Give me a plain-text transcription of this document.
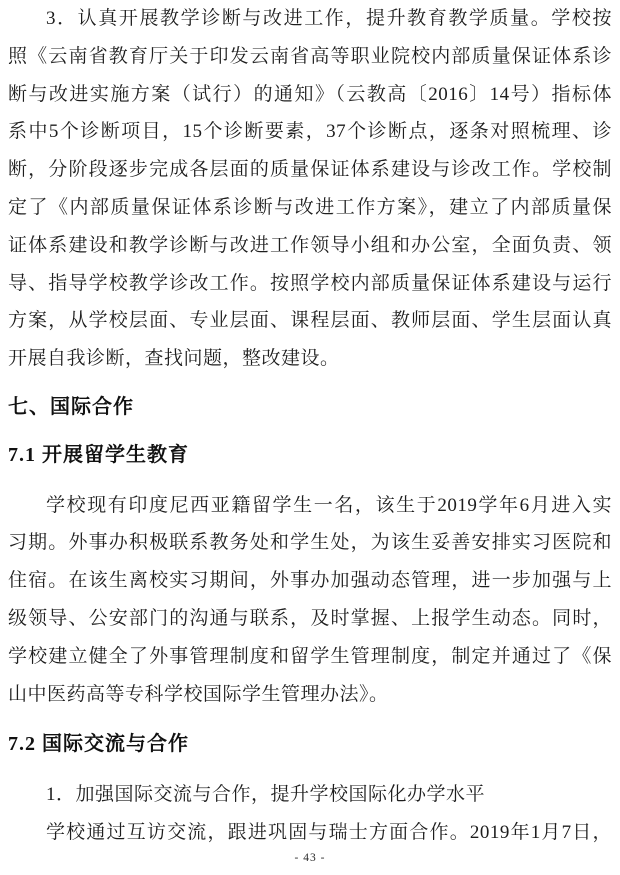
3．认真开展教学诊断与改进工作，提升教育教学质量。学校按
照《云南省教育厅关于印发云南省高等职业院校内部质量保证体系诊
断与改进实施方案（试行）的通知》（云教高〔2016〕14号）指标体
系中5个诊断项目，15个诊断要素，37个诊断点，逐条对照梳理、诊
断，分阶段逐步完成各层面的质量保证体系建设与诊改工作。学校制
定了《内部质量保证体系诊断与改进工作方案》，建立了内部质量保
证体系建设和教学诊断与改进工作领导小组和办公室，全面负责、领
导、指导学校教学诊改工作。按照学校内部质量保证体系建设与运行
方案，从学校层面、专业层面、课程层面、教师层面、学生层面认真
开展自我诊断，查找问题，整改建设。
七、国际合作
7.1 开展留学生教育
学校现有印度尼西亚籍留学生一名，该生于2019学年6月进入实
习期。外事办积极联系教务处和学生处，为该生妥善安排实习医院和
住宿。在该生离校实习期间，外事办加强动态管理，进一步加强与上
级领导、公安部门的沟通与联系，及时掌握、上报学生动态。同时，
学校建立健全了外事管理制度和留学生管理制度，制定并通过了《保
山中医药高等专科学校国际学生管理办法》。
7.2 国际交流与合作
1．加强国际交流与合作，提升学校国际化办学水平
学校通过互访交流，跟进巩固与瑞士方面合作。2019年1月7日，
- 43 -
